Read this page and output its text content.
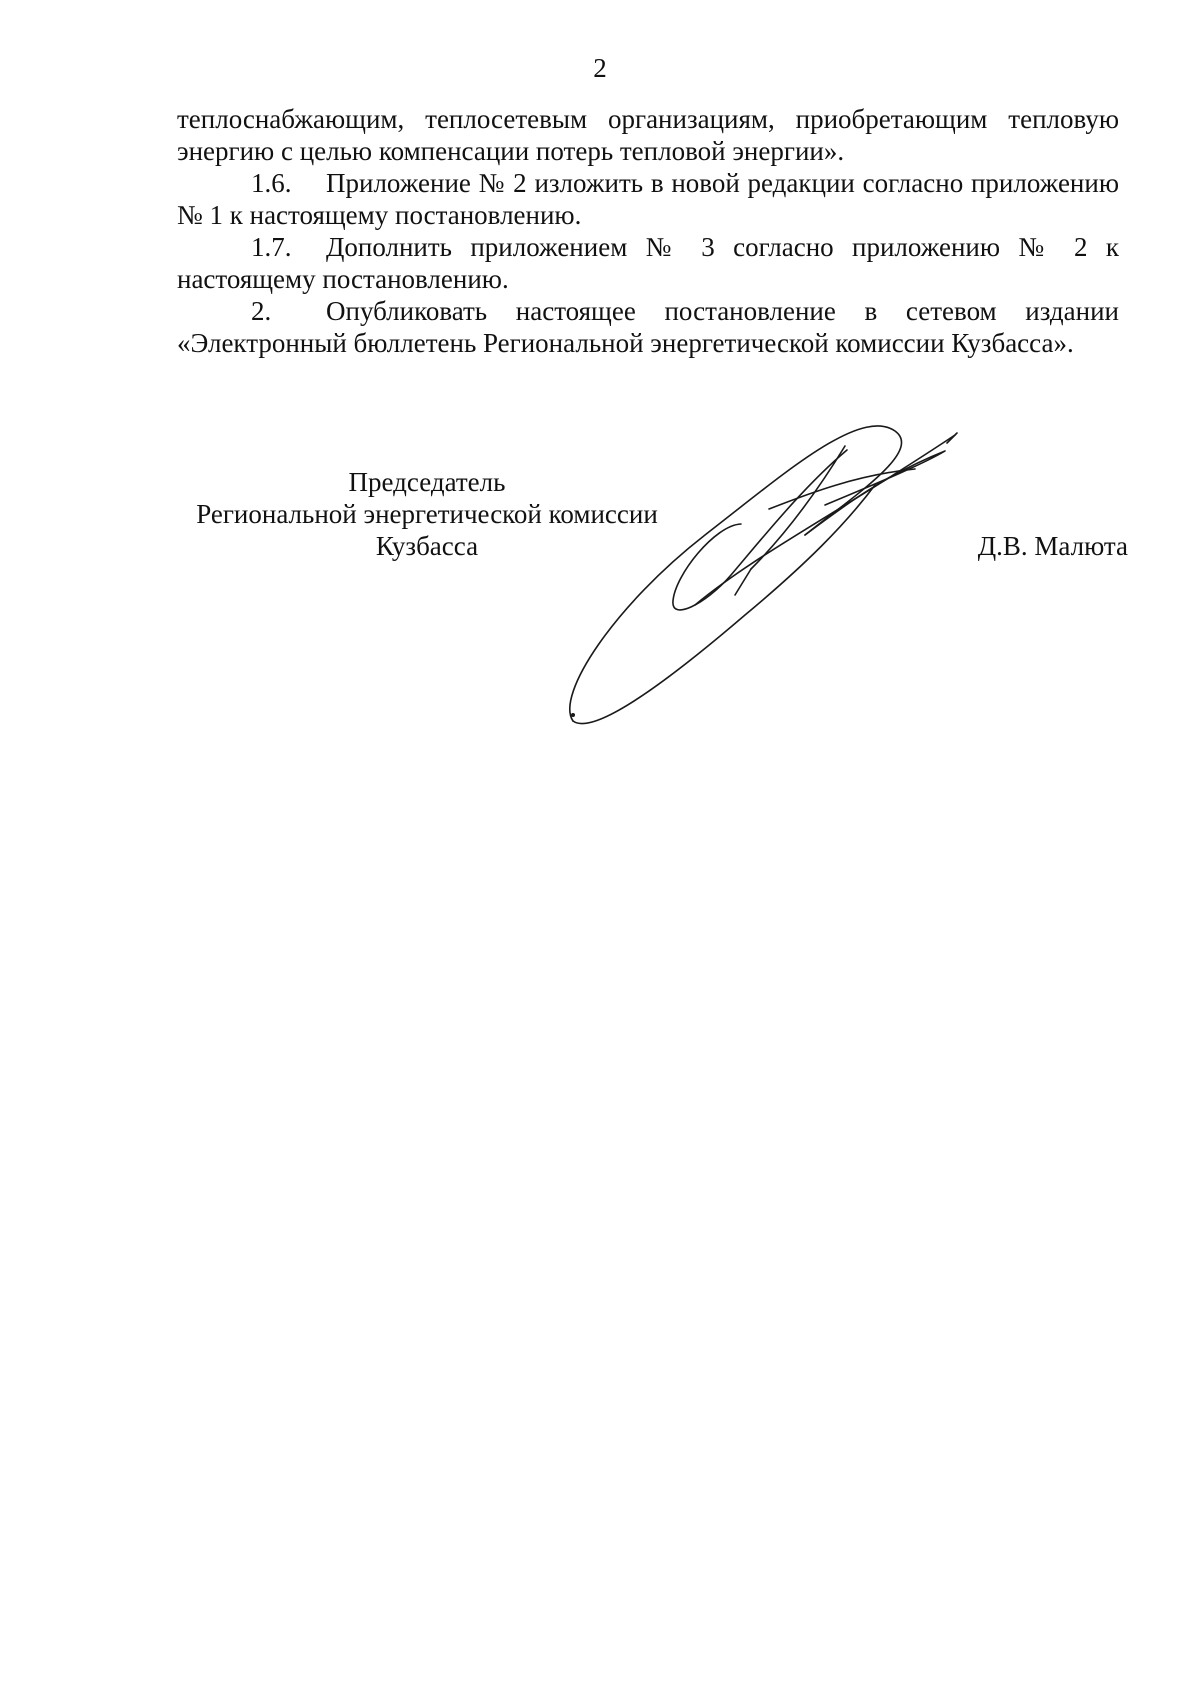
2

теплоснабжающим, теплосетевым организациям, приобретающим тепловую энергию с целью компенсации потерь тепловой энергии».

1.6. Приложение № 2 изложить в новой редакции согласно приложению № 1 к настоящему постановлению.

1.7. Дополнить приложением № 3 согласно приложению № 2 к настоящему постановлению.

2. Опубликовать настоящее постановление в сетевом издании «Электронный бюллетень Региональной энергетической комиссии Кузбасса».

Председатель
Региональной энергетической комиссии
Кузбасса	Д.В. Малюта
